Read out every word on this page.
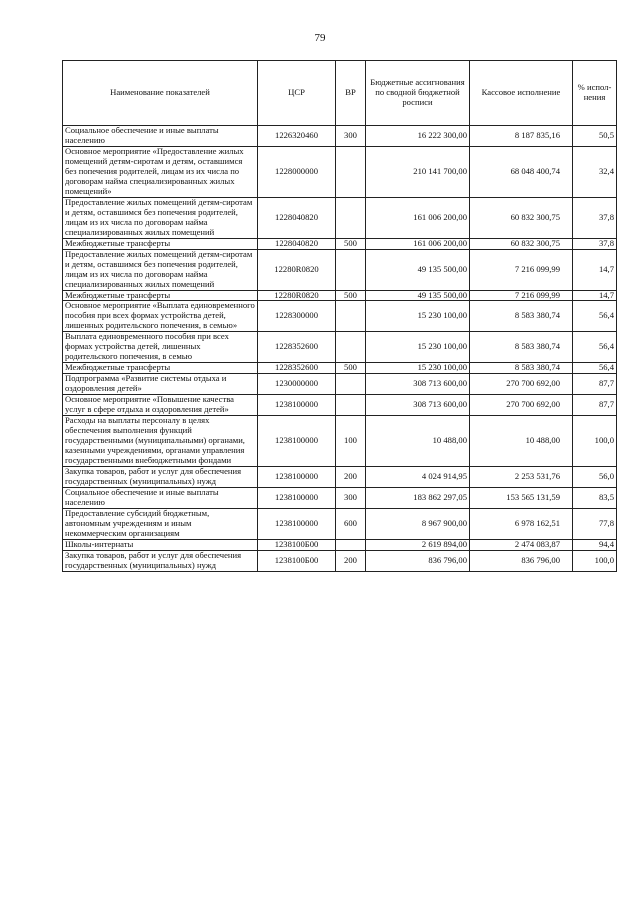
79
Наименование показателей	ЦСР	ВР	Бюджетные ассигнования по сводной бюджетной росписи	Кассовое исполнение	% испол-нения
Социальное обеспечение и иные выплаты населению	1226320460	300	16 222 300,00	8 187 835,16	50,5
Основное мероприятие «Предоставление жилых помещений детям-сиротам и детям, оставшимся без попечения родителей, лицам из их числа по договорам найма специализированных жилых помещений»	1228000000		210 141 700,00	68 048 400,74	32,4
Предоставление жилых помещений детям-сиротам и детям, оставшимся без попечения родителей, лицам из их числа по договорам найма специализированных жилых помещений	1228040820		161 006 200,00	60 832 300,75	37,8
Межбюджетные трансферты	1228040820	500	161 006 200,00	60 832 300,75	37,8
Предоставление жилых помещений детям-сиротам и детям, оставшимся без попечения родителей, лицам из их числа по договорам найма специализированных жилых помещений	12280R0820		49 135 500,00	7 216 099,99	14,7
Межбюджетные трансферты	12280R0820	500	49 135 500,00	7 216 099,99	14,7
Основное мероприятие «Выплата единовременного пособия при всех формах устройства детей, лишенных родительского попечения, в семью»	1228300000		15 230 100,00	8 583 380,74	56,4
Выплата единовременного пособия при всех формах устройства детей, лишенных родительского попечения, в семью	1228352600		15 230 100,00	8 583 380,74	56,4
Межбюджетные трансферты	1228352600	500	15 230 100,00	8 583 380,74	56,4
Подпрограмма «Развитие системы отдыха и оздоровления детей»	1230000000		308 713 600,00	270 700 692,00	87,7
Основное мероприятие «Повышение качества услуг в сфере отдыха и оздоровления детей»	1238100000		308 713 600,00	270 700 692,00	87,7
Расходы на выплаты персоналу в целях обеспечения выполнения функций государственными (муниципальными) органами, казенными учреждениями, органами управления государственными внебюджетными фондами	1238100000	100	10 488,00	10 488,00	100,0
Закупка товаров, работ и услуг для обеспечения государственных (муниципальных) нужд	1238100000	200	4 024 914,95	2 253 531,76	56,0
Социальное обеспечение и иные выплаты населению	1238100000	300	183 862 297,05	153 565 131,59	83,5
Предоставление субсидий бюджетным, автономным учреждениям и иным некоммерческим организациям	1238100000	600	8 967 900,00	6 978 162,51	77,8
Школы-интернаты	1238100Б00		2 619 894,00	2 474 083,87	94,4
Закупка товаров, работ и услуг для обеспечения государственных (муниципальных) нужд	1238100Б00	200	836 796,00	836 796,00	100,0
